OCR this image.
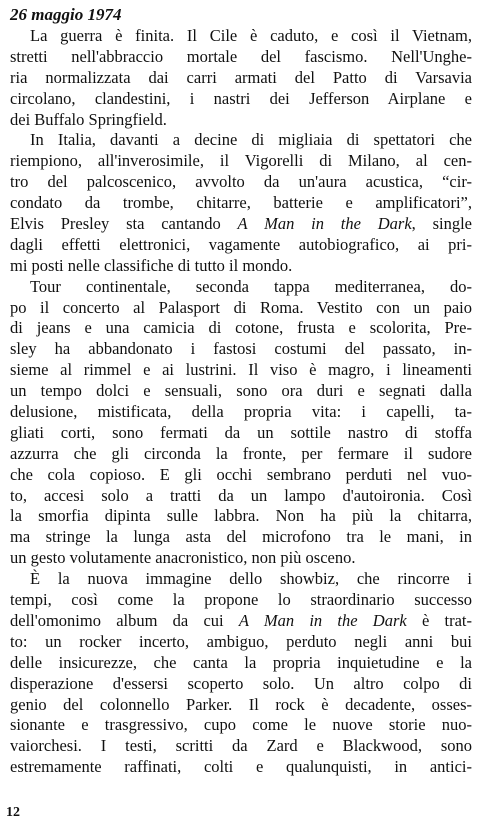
26 maggio 1974
La guerra è finita. Il Cile è caduto, e così il Vietnam,
stretti nell'abbraccio mortale del fascismo. Nell'Unghe-
ria normalizzata dai carri armati del Patto di Varsavia
circolano, clandestini, i nastri dei Jefferson Airplane e
dei Buffalo Springfield.
In Italia, davanti a decine di migliaia di spettatori che
riempiono, all'inverosimile, il Vigorelli di Milano, al cen-
tro del palcoscenico, avvolto da un'aura acustica, “cir-
condato da trombe, chitarre, batterie e amplificatori”,
Elvis Presley sta cantando A Man in the Dark, single
dagli effetti elettronici, vagamente autobiografico, ai pri-
mi posti nelle classifiche di tutto il mondo.
Tour continentale, seconda tappa mediterranea, do-
po il concerto al Palasport di Roma. Vestito con un paio
di jeans e una camicia di cotone, frusta e scolorita, Pre-
sley ha abbandonato i fastosi costumi del passato, in-
sieme al rimmel e ai lustrini. Il viso è magro, i lineamenti
un tempo dolci e sensuali, sono ora duri e segnati dalla
delusione, mistificata, della propria vita: i capelli, ta-
gliati corti, sono fermati da un sottile nastro di stoffa
azzurra che gli circonda la fronte, per fermare il sudore
che cola copioso. E gli occhi sembrano perduti nel vuo-
to, accesi solo a tratti da un lampo d'autoironia. Così
la smorfia dipinta sulle labbra. Non ha più la chitarra,
ma stringe la lunga asta del microfono tra le mani, in
un gesto volutamente anacronistico, non più osceno.
È la nuova immagine dello showbiz, che rincorre i
tempi, così come la propone lo straordinario successo
dell'omonimo album da cui A Man in the Dark è trat-
to: un rocker incerto, ambiguo, perduto negli anni bui
delle insicurezze, che canta la propria inquietudine e la
disperazione d'essersi scoperto solo. Un altro colpo di
genio del colonnello Parker. Il rock è decadente, osses-
sionante e trasgressivo, cupo come le nuove storie nuo-
vaiorchesi. I testi, scritti da Zard e Blackwood, sono
estremamente raffinati, colti e qualunquisti, in antici-
12
